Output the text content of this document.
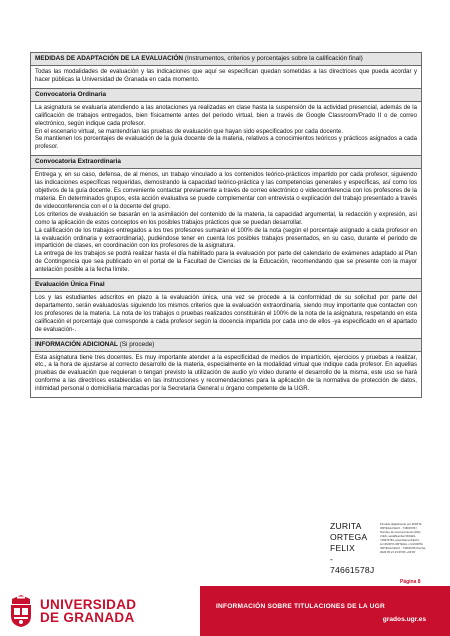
MEDIDAS DE ADAPTACIÓN DE LA EVALUACIÓN (Instrumentos, criterios y porcentajes sobre la calificación final)

Todas las modalidades de evaluación y las indicaciones que aquí se especifican quedan sometidas a las directrices que pueda acordar y hacer públicas la Universidad de Granada en cada momento.

Convocatoria Ordinaria

La asignatura se evaluaría atendiendo a las anotaciones ya realizadas en clase hasta la suspensión de la actividad presencial, además de la calificación de trabajos entregados, bien físicamente antes del periodo virtual, bien a través de Google Classroom/Prado II o de correo electrónico, según indique cada profesor.

En el escenario virtual, se mantendrían las pruebas de evaluación que hayan sido especificados por cada docente.

Se mantienen los porcentajes de evaluación de la guía docente de la materia, relativos a conocimientos teóricos y prácticos asignados a cada profesor.

Convocatoria Extraordinaria

Entrega y, en su caso, defensa, de al menos, un trabajo vinculado a los contenidos teórico-prácticos impartido por cada profesor, siguiendo las indicaciones específicas requeridas, demostrando la capacidad teórico-práctica y las competencias generales y específicas, así como los objetivos de la guía docente. Es conveniente contactar previamente a través de correo electrónico o videoconferencia con los profesores de la materia. En determinados grupos, esta acción evaluativa se puede complementar con entrevista o explicación del trabajo presentado a través de videoconferencia con el o la docente del grupo.

Los criterios de evaluación se basarán en la asimilación del contenido de la materia, la capacidad argumental, la redacción y expresión, así como la aplicación de estos conceptos en los posibles trabajos prácticos que se puedan desarrollar.

La calificación de los trabajos entregados a los tres profesores sumarán el 100% de la nota (según el porcentaje asignado a cada profesor en la evaluación ordinaria y extraordinaria), pudiéndose tener en cuenta los posibles trabajos presentados, en su caso, durante el periodo de impartición de clases, en coordinación con los profesores de la asignatura.

La entrega de los trabajos se podrá realizar hasta el día habilitado para la evaluación por parte del calendario de exámenes adaptado al Plan de Contingencia que sea publicado en el portal de la Facultad de Ciencias de la Educación, recomendando que se presente con la mayor antelación posible a la fecha límite.

Evaluación Única Final

Los y las estudiantes adscritos en plazo a la evaluación única, una vez se procede a la conformidad de su solicitud por parte del departamento, serán evaluados/as siguiendo los mismos criterios que la evaluación extraordinaria, siendo muy importante que contacten con los profesores de la materia. La nota de los trabajos o pruebas realizados constituirán el 100% de la nota de la asignatura, respetando en esta calificación el porcentaje que corresponde a cada profesor según la docencia impartida por cada uno de ellos -ya especificado en el apartado de evaluación-.

INFORMACIÓN ADICIONAL (Si procede)

Esta asignatura tiene tres docentes. Es muy importante atender a la especificidad de medios de impartición, ejercicios y pruebas a realizar, etc., a la hora de ajustarse al correcto desarrollo de la materia, especialmente en la modalidad virtual que indique cada profesor. En aquellas pruebas de evaluación que requieran o tengan previsto la utilización de audio y/o vídeo durante el desarrollo de la misma, este uso se hará conforme a las directrices establecidas en las instrucciones y recomendaciones para la aplicación de la normativa de protección de datos, intimidad personal o domiciliaria marcadas por la Secretaría General u órgano competente de la UGR.

ZURITA
ORTEGA FELIX
- 74661578J
Firmado digitalmente por ZURITA ORTEGA FELIX - 74661578J Nombre de reconocimiento (DN): c=ES, serialNumber=IDCES-74661578J, givenName=FELIX, sn=ZURITA ORTEGA, cn=ZURITA ORTEGA FELIX - 74661578J Fecha: 2020.05.21 23:35:56 +02'00'
Página 8
UNIVERSIDAD
DE GRANADA
INFORMACIÓN SOBRE TITULACIONES DE LA UGR
grados.ugr.es
